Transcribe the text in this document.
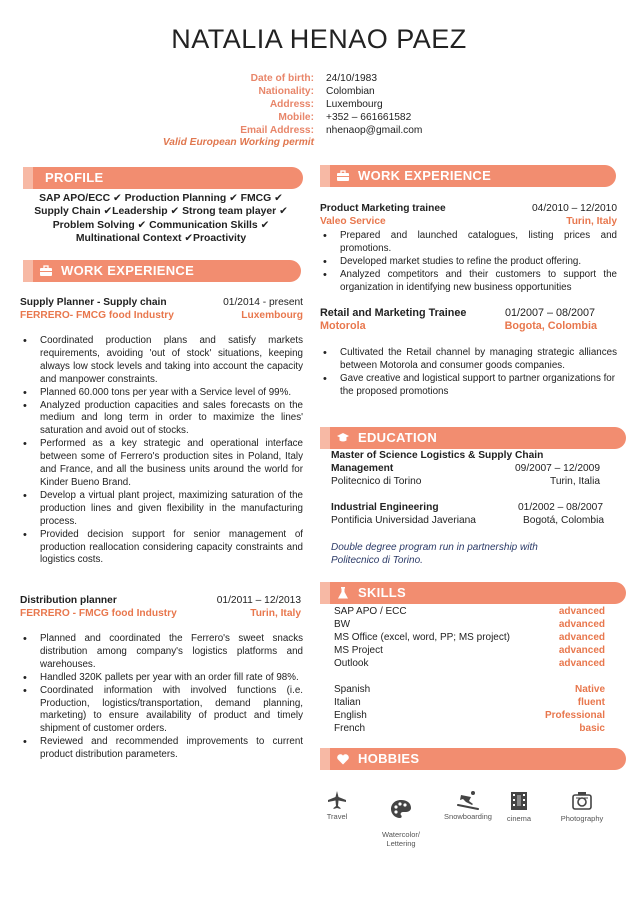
NATALIA HENAO PAEZ
Date of birth: 24/10/1983
Nationality: Colombian
Address: Luxembourg
Mobile: +352 – 661661582
Email Address: nhenaop@gmail.com
Valid European Working permit
PROFILE
SAP APO/ECC ✔ Production Planning ✔ FMCG ✔
Supply Chain ✔Leadership ✔ Strong team player ✔
Problem Solving ✔ Communication Skills ✔
Multinational Context ✔Proactivity
WORK EXPERIENCE
Supply Planner - Supply chain	01/2014 - present
FERRERO- FMCG food Industry	Luxembourg
• Coordinated production plans and satisfy markets requirements, avoiding 'out of stock' situations, keeping always low stock levels and taking into account the capacity and manpower constraints.
• Planned 60.000 tons per year with a Service level of 99%.
• Analyzed production capacities and sales forecasts on the medium and long term in order to maximize the lines' saturation and avoid out of stocks.
• Performed as a key strategic and operational interface between some of Ferrero's production sites in Poland, Italy and France, and all the business units around the world for Kinder Bueno Brand.
• Develop a virtual plant project, maximizing saturation of the production lines and given flexibility in the manufacturing process.
• Provided decision support for senior management of production reallocation considering capacity constraints and logistics costs.
Distribution planner	01/2011 – 12/2013
FERRERO - FMCG food Industry	Turin, Italy
• Planned and coordinated the Ferrero's sweet snacks distribution among company's logistics platforms and warehouses.
• Handled 320K pallets per year with an order fill rate of 98%.
• Coordinated information with involved functions (i.e. Production, logistics/transportation, demand planning, marketing) to ensure availability of product and timely shipment of customer orders.
• Reviewed and recommended improvements to current product distribution parameters.
WORK EXPERIENCE
Product Marketing trainee	04/2010 – 12/2010
Valeo Service	Turin, Italy
• Prepared and launched catalogues, listing prices and promotions.
• Developed market studies to refine the product offering.
• Analyzed competitors and their customers to support the organization in identifying new business opportunities
Retail and Marketing Trainee	01/2007 – 08/2007
Motorola	Bogota, Colombia
• Cultivated the Retail channel by managing strategic alliances between Motorola and consumer goods companies.
• Gave creative and logistical support to partner organizations for the proposed promotions
EDUCATION
Master of Science Logistics & Supply Chain
Management	09/2007 – 12/2009
Politecnico di Torino	Turin, Italia
Industrial Engineering	01/2002 – 08/2007
Pontificia Universidad Javeriana	Bogotá, Colombia
Double degree program run in partnership with
Politecnico di Torino.
SKILLS
SAP APO / ECC	advanced
BW	advanced
MS Office (excel, word, PP; MS project)	advanced
MS Project	advanced
Outlook	advanced
Spanish	Native
Italian	fluent
English	Professional
French	basic
HOBBIES
Travel

Watercolor/
Lettering

Snowboarding	cinema	Photography
